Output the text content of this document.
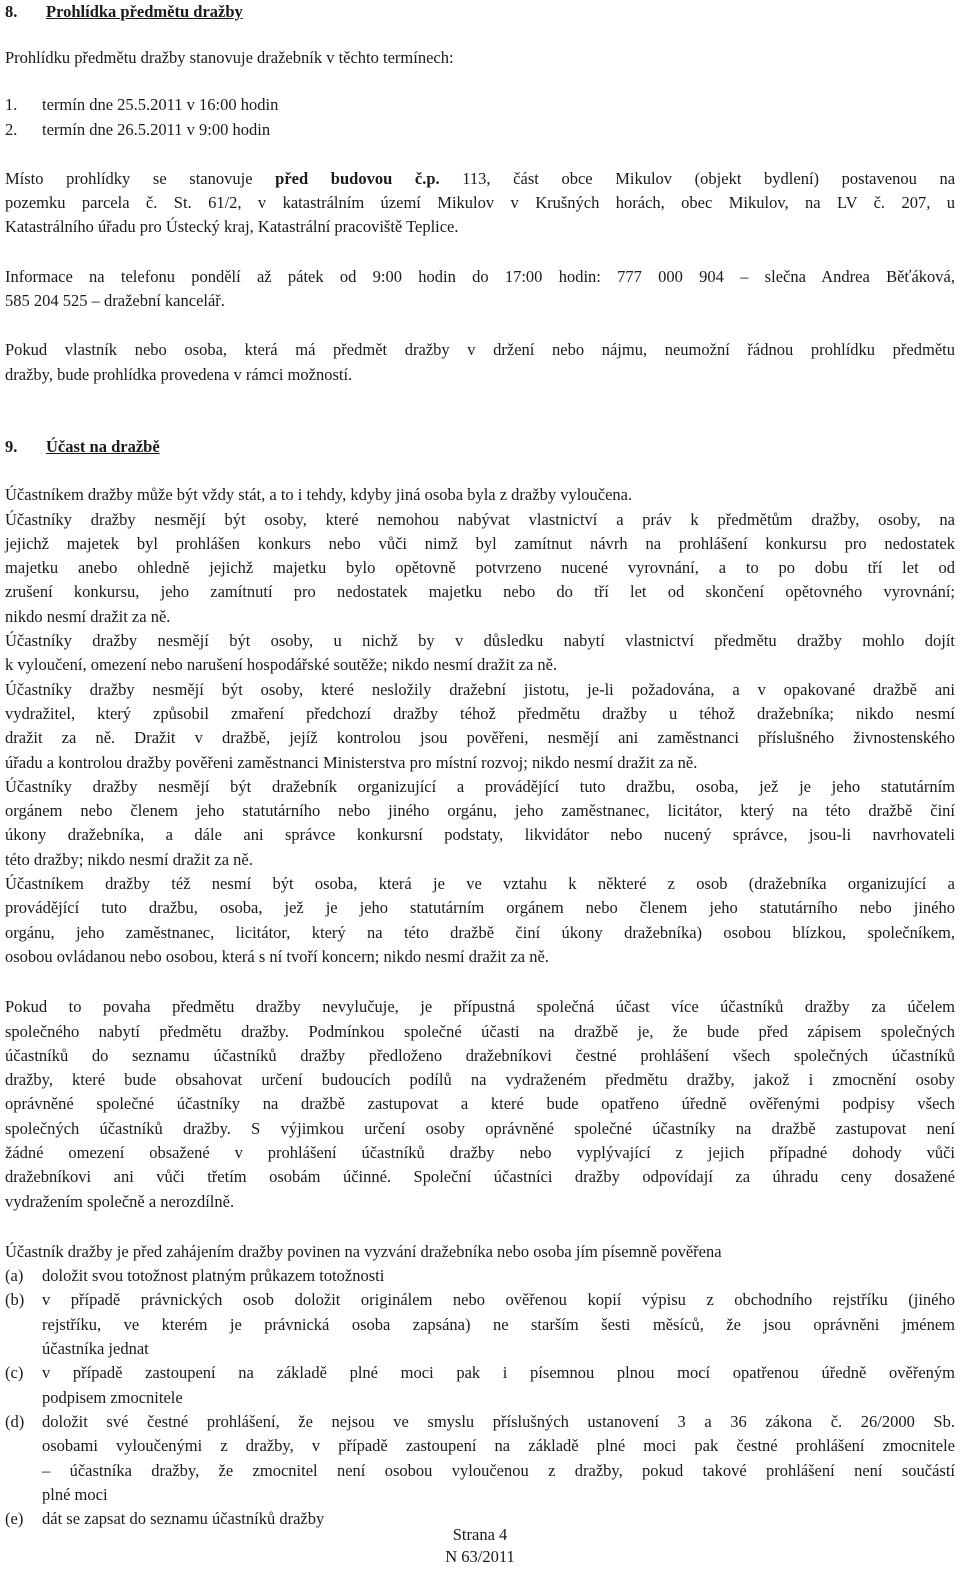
8. Prohlídka předmětu dražby

Prohlídku předmětu dražby stanovuje dražebník v těchto termínech:

1. termín dne 25.5.2011 v 16:00 hodin
2. termín dne 26.5.2011 v 9:00 hodin

Místo prohlídky se stanovuje před budovou č.p. 113, část obce Mikulov (objekt bydlení) postavenou na

pozemku parcela č. St. 61/2, v katastrálním území Mikulov v Krušných horách, obec Mikulov, na LV č. 207, u

Katastrálního úřadu pro Ústecký kraj, Katastrální pracoviště Teplice.

Informace na telefonu pondělí až pátek od 9:00 hodin do 17:00 hodin: 777 000 904 – slečna Andrea Běťáková,

585 204 525 – dražební kancelář.

Pokud vlastník nebo osoba, která má předmět dražby v držení nebo nájmu, neumožní řádnou prohlídku předmětu

dražby, bude prohlídka provedena v rámci možností.

9. Účast na dražbě

Účastníkem dražby může být vždy stát, a to i tehdy, kdyby jiná osoba byla z dražby vyloučena.

Účastníky dražby nesmějí být osoby, které nemohou nabývat vlastnictví a práv k předmětům dražby, osoby, na

jejichž majetek byl prohlášen konkurs nebo vůči nimž byl zamítnut návrh na prohlášení konkursu pro nedostatek

majetku anebo ohledně jejichž majetku bylo opětovně potvrzeno nucené vyrovnání, a to po dobu tří let od

zrušení konkursu, jeho zamítnutí pro nedostatek majetku nebo do tří let od skončení opětovného vyrovnání;

nikdo nesmí dražit za ně.

Účastníky dražby nesmějí být osoby, u nichž by v důsledku nabytí vlastnictví předmětu dražby mohlo dojít

k vyloučení, omezení nebo narušení hospodářské soutěže; nikdo nesmí dražit za ně.

Účastníky dražby nesmějí být osoby, které nesložily dražební jistotu, je-li požadována, a v opakované dražbě ani

vydražitel, který způsobil zmaření předchozí dražby téhož předmětu dražby u téhož dražebníka; nikdo nesmí

dražit za ně. Dražit v dražbě, jejíž kontrolou jsou pověřeni, nesmějí ani zaměstnanci příslušného živnostenského

úřadu a kontrolou dražby pověřeni zaměstnanci Ministerstva pro místní rozvoj; nikdo nesmí dražit za ně.

Účastníky dražby nesmějí být dražebník organizující a provádějící tuto dražbu, osoba, jež je jeho statutárním

orgánem nebo členem jeho statutárního nebo jiného orgánu, jeho zaměstnanec, licitátor, který na této dražbě činí

úkony dražebníka, a dále ani správce konkursní podstaty, likvidátor nebo nucený správce, jsou-li navrhovateli

této dražby; nikdo nesmí dražit za ně.

Účastníkem dražby též nesmí být osoba, která je ve vztahu k některé z osob (dražebníka organizující a

provádějící tuto dražbu, osoba, jež je jeho statutárním orgánem nebo členem jeho statutárního nebo jiného

orgánu, jeho zaměstnanec, licitátor, který na této dražbě činí úkony dražebníka) osobou blízkou, společníkem,

osobou ovládanou nebo osobou, která s ní tvoří koncern; nikdo nesmí dražit za ně.

Pokud to povaha předmětu dražby nevylučuje, je přípustná společná účast více účastníků dražby za účelem

společného nabytí předmětu dražby. Podmínkou společné účasti na dražbě je, že bude před zápisem společných

účastníků do seznamu účastníků dražby předloženo dražebníkovi čestné prohlášení všech společných účastníků

dražby, které bude obsahovat určení budoucích podílů na vydraženém předmětu dražby, jakož i zmocnění osoby

oprávněné společné účastníky na dražbě zastupovat a které bude opatřeno úředně ověřenými podpisy všech

společných účastníků dražby. S výjimkou určení osoby oprávněné společné účastníky na dražbě zastupovat není

žádné omezení obsažené v prohlášení účastníků dražby nebo vyplývající z jejich případné dohody vůči

dražebníkovi ani vůči třetím osobám účinné. Společní účastníci dražby odpovídají za úhradu ceny dosažené

vydražením společně a nerozdílně.

Účastník dražby je před zahájením dražby povinen na vyzvání dražebníka nebo osoba jím písemně pověřena

(a)	doložit svou totožnost platným průkazem totožnosti

(b)	v případě právnických osob doložit originálem nebo ověřenou kopií výpisu z obchodního rejstříku (jiného

rejstříku, ve kterém je právnická osoba zapsána) ne starším šesti měsíců, že jsou oprávněni jménem

účastníka jednat

(c)	v případě zastoupení na základě plné moci pak i písemnou plnou mocí opatřenou úředně ověřeným

podpisem zmocnitele

(d)	doložit své čestné prohlášení, že nejsou ve smyslu příslušných ustanovení 3 a 36 zákona č. 26/2000 Sb.

osobami vyloučenými z dražby, v případě zastoupení na základě plné moci pak čestné prohlášení zmocnitele

– účastníka dražby, že zmocnitel není osobou vyloučenou z dražby, pokud takové prohlášení není součástí

plné moci

(e)	dát se zapsat do seznamu účastníků dražby

Strana 4
N 63/2011
